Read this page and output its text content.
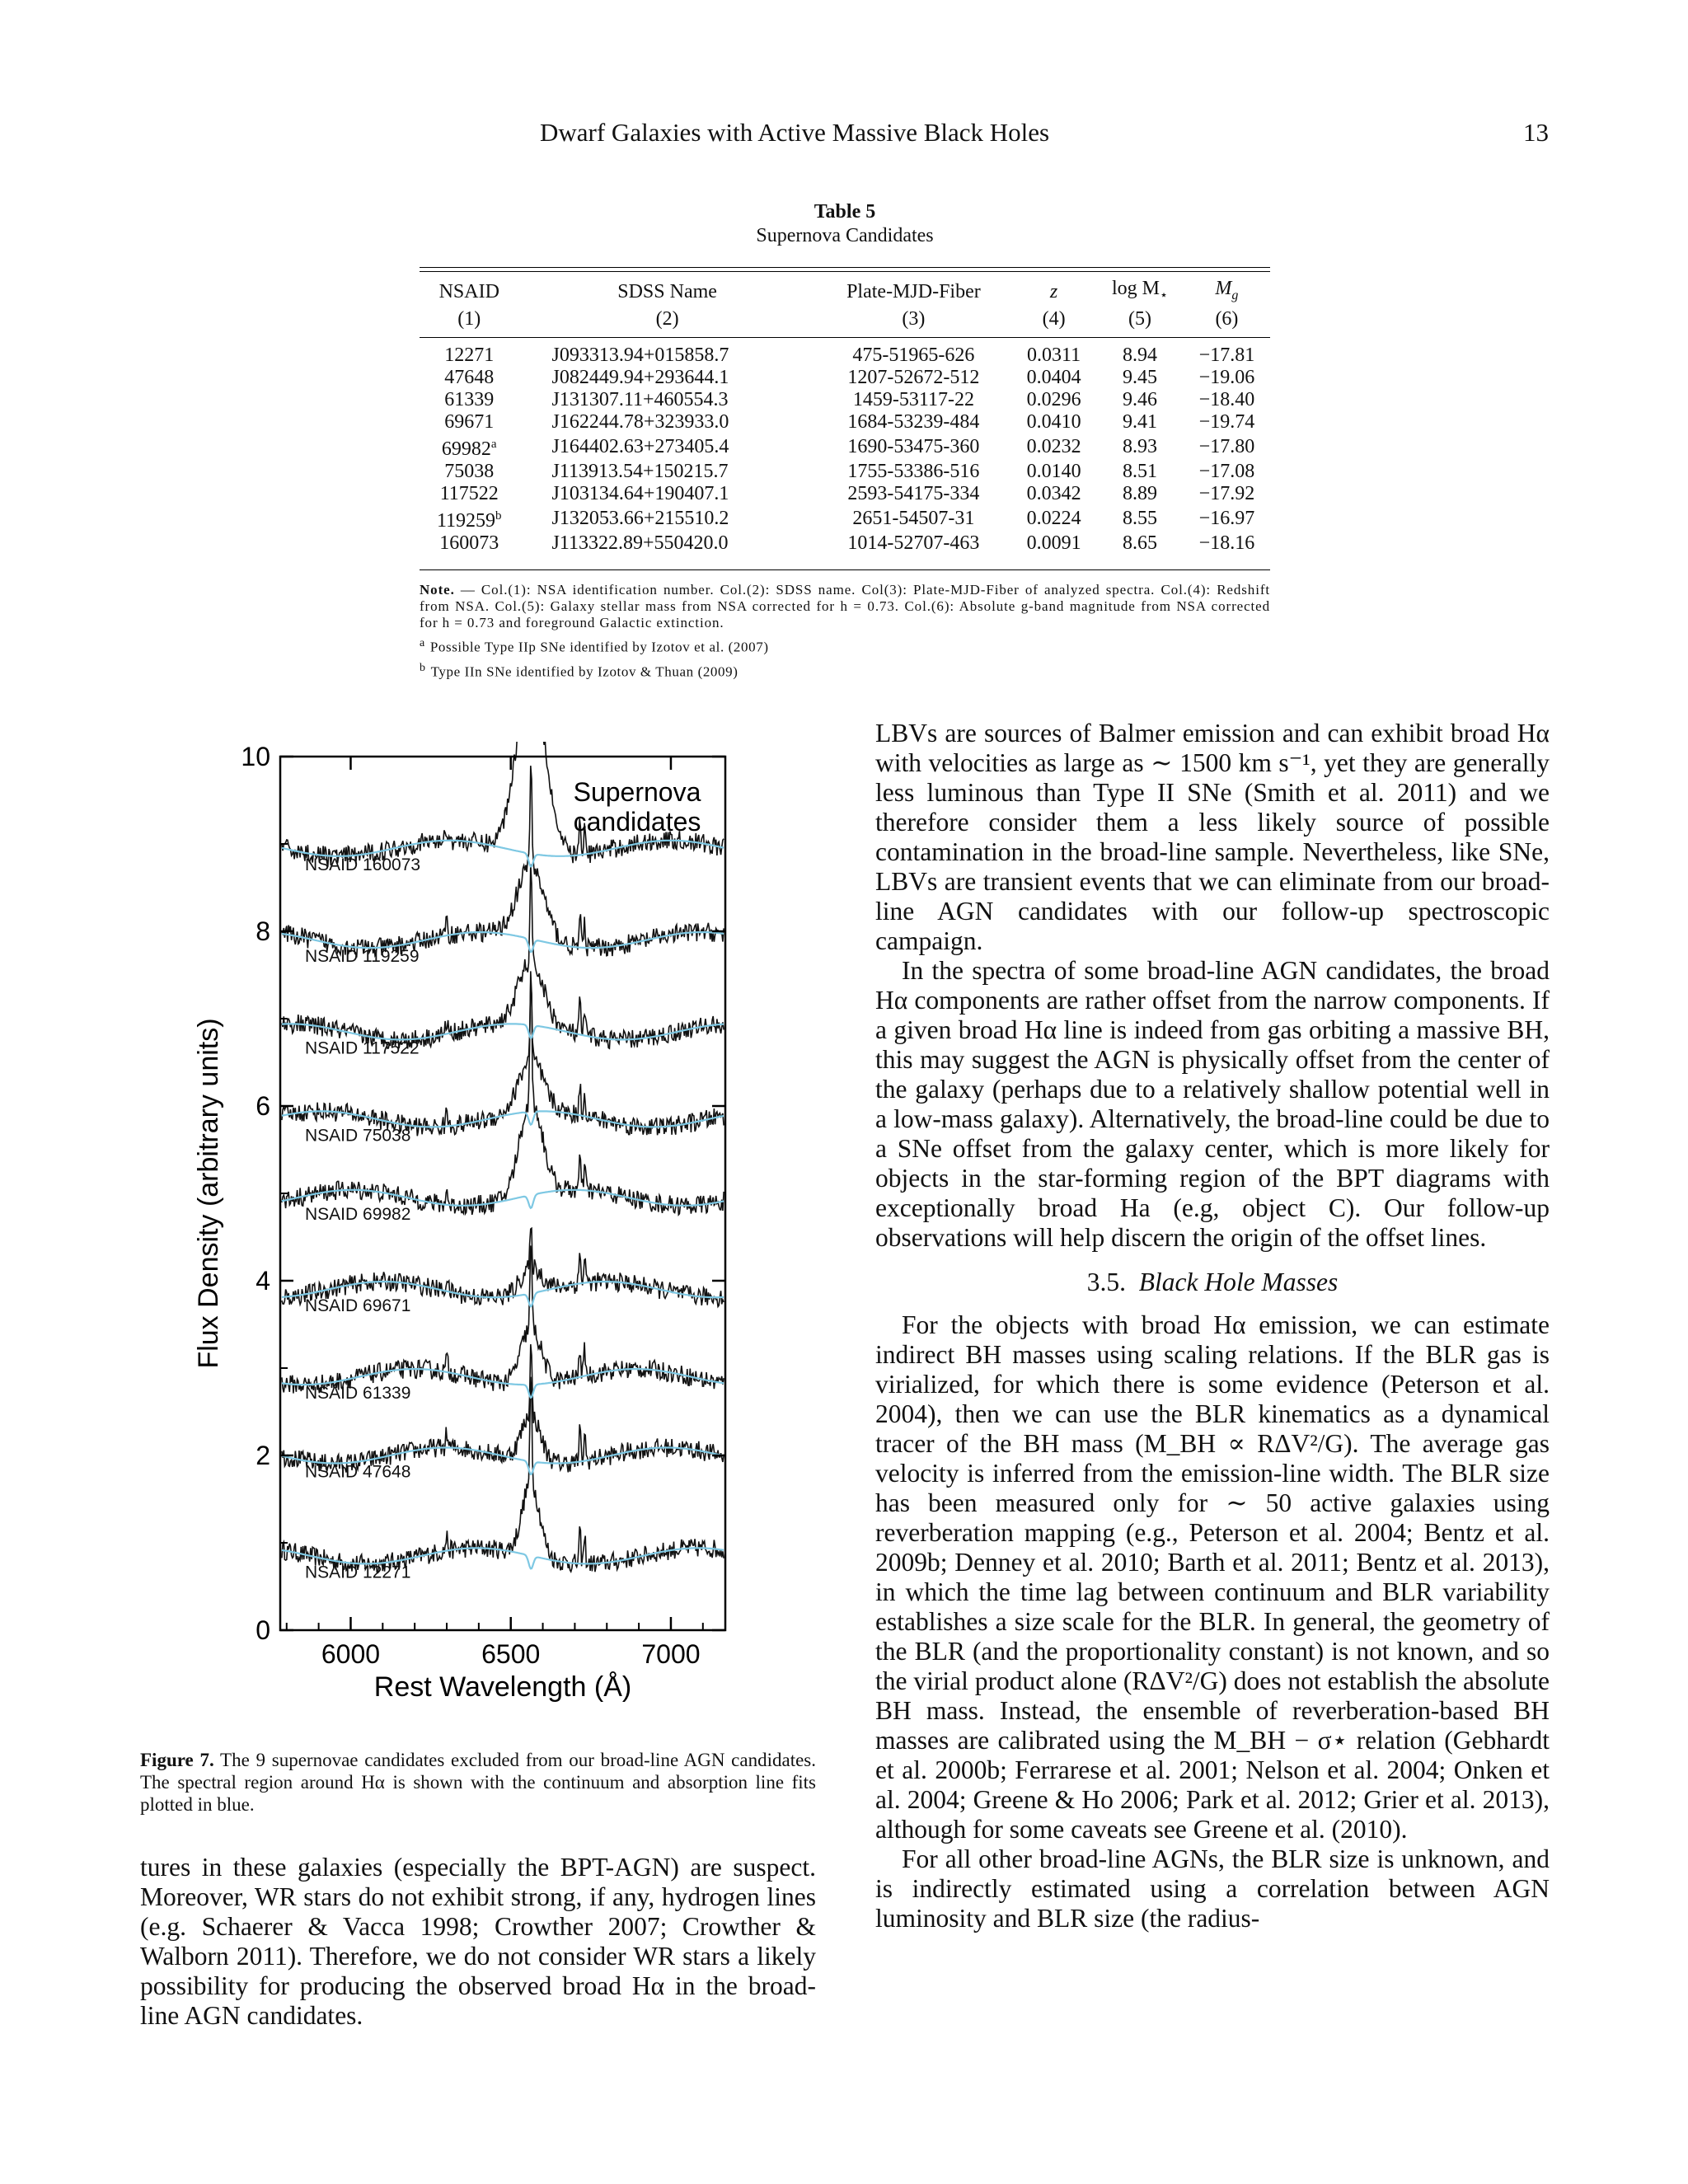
Dwarf Galaxies with Active Massive Black Holes	13
Table 5
Supernova Candidates
NSAID	SDSS Name	Plate-MJD-Fiber	z	$\log M_⋆$	$M_g$
(1)	(2)	(3)	(4)	(5)	(6)
12271	J093313.94+015858.7	475-51965-626	0.0311	8.94	−17.81
47648	J082449.94+293644.1	1207-52672-512	0.0404	9.45	−19.06
61339	J131307.11+460554.3	1459-53117-22	0.0296	9.46	−18.40
69671	J162244.78+323933.0	1684-53239-484	0.0410	9.41	−19.74
69982$^a$	J164402.63+273405.4	1690-53475-360	0.0232	8.93	−17.80
75038	J113913.54+150215.7	1755-53386-516	0.0140	8.51	−17.08
117522	J103134.64+190407.1	2593-54175-334	0.0342	8.89	−17.92
119259$^b$	J132053.66+215510.2	2651-54507-31	0.0224	8.55	−16.97
160073	J113322.89+550420.0	1014-52707-463	0.0091	8.65	−18.16
Note. — Col.(1): NSA identification number. Col.(2): SDSS name. Col(3): Plate-MJD-Fiber of analyzed spectra. Col.(4): Redshift from NSA. Col.(5): Galaxy stellar mass from NSA corrected for h = 0.73. Col.(6): Absolute g-band magnitude from NSA corrected for h = 0.73 and foreground Galactic extinction.
$^a$ Possible Type IIp SNe identified by Izotov et al. (2007)
$^b$ Type IIn SNe identified by Izotov & Thuan (2009)
NSAID 12271
NSAID 47648
NSAID 61339
NSAID 69671
NSAID 69982
NSAID 75038
NSAID 117522
NSAID 119259
NSAID 160073
0
2
4
6
8
10
6000	6500	7000
Rest Wavelength (Å)
Flux Density (arbitrary units)
Supernova
candidates
Figure 7. The 9 supernovae candidates excluded from our broad-line AGN candidates. The spectral region around Hα is shown with the continuum and absorption line fits plotted in blue.
tures in these galaxies (especially the BPT-AGN) are suspect. Moreover, WR stars do not exhibit strong, if any, hydrogen lines (e.g. Schaerer & Vacca 1998; Crowther 2007; Crowther & Walborn 2011). Therefore, we do not consider WR stars a likely possibility for producing the observed broad Hα in the broad-line AGN candidates.

LBVs are sources of Balmer emission and can exhibit broad Hα with velocities as large as ∼ 1500 km s⁻¹, yet they are generally less luminous than Type II SNe (Smith et al. 2011) and we therefore consider them a less likely source of possible contamination in the broad-line sample. Nevertheless, like SNe, LBVs are transient events that we can eliminate from our broad-line AGN candidates with our follow-up spectroscopic campaign.

In the spectra of some broad-line AGN candidates, the broad Hα components are rather offset from the narrow components. If a given broad Hα line is indeed from gas orbiting a massive BH, this may suggest the AGN is physically offset from the center of the galaxy (perhaps due to a relatively shallow potential well in a low-mass galaxy). Alternatively, the broad-line could be due to a SNe offset from the galaxy center, which is more likely for objects in the star-forming region of the BPT diagrams with exceptionally broad Ha (e.g, object C). Our follow-up observations will help discern the origin of the offset lines.

3.5. Black Hole Masses

For the objects with broad Hα emission, we can estimate indirect BH masses using scaling relations. If the BLR gas is virialized, for which there is some evidence (Peterson et al. 2004), then we can use the BLR kinematics as a dynamical tracer of the BH mass (M_BH ∝ RΔV²/G). The average gas velocity is inferred from the emission-line width. The BLR size has been measured only for ∼ 50 active galaxies using reverberation mapping (e.g., Peterson et al. 2004; Bentz et al. 2009b; Denney et al. 2010; Barth et al. 2011; Bentz et al. 2013), in which the time lag between continuum and BLR variability establishes a size scale for the BLR. In general, the geometry of the BLR (and the proportionality constant) is not known, and so the virial product alone (RΔV²/G) does not establish the absolute BH mass. Instead, the ensemble of reverberation-based BH masses are calibrated using the M_BH − σ⋆ relation (Gebhardt et al. 2000b; Ferrarese et al. 2001; Nelson et al. 2004; Onken et al. 2004; Greene & Ho 2006; Park et al. 2012; Grier et al. 2013), although for some caveats see Greene et al. (2010).

For all other broad-line AGNs, the BLR size is unknown, and is indirectly estimated using a correlation between AGN luminosity and BLR size (the radius-
